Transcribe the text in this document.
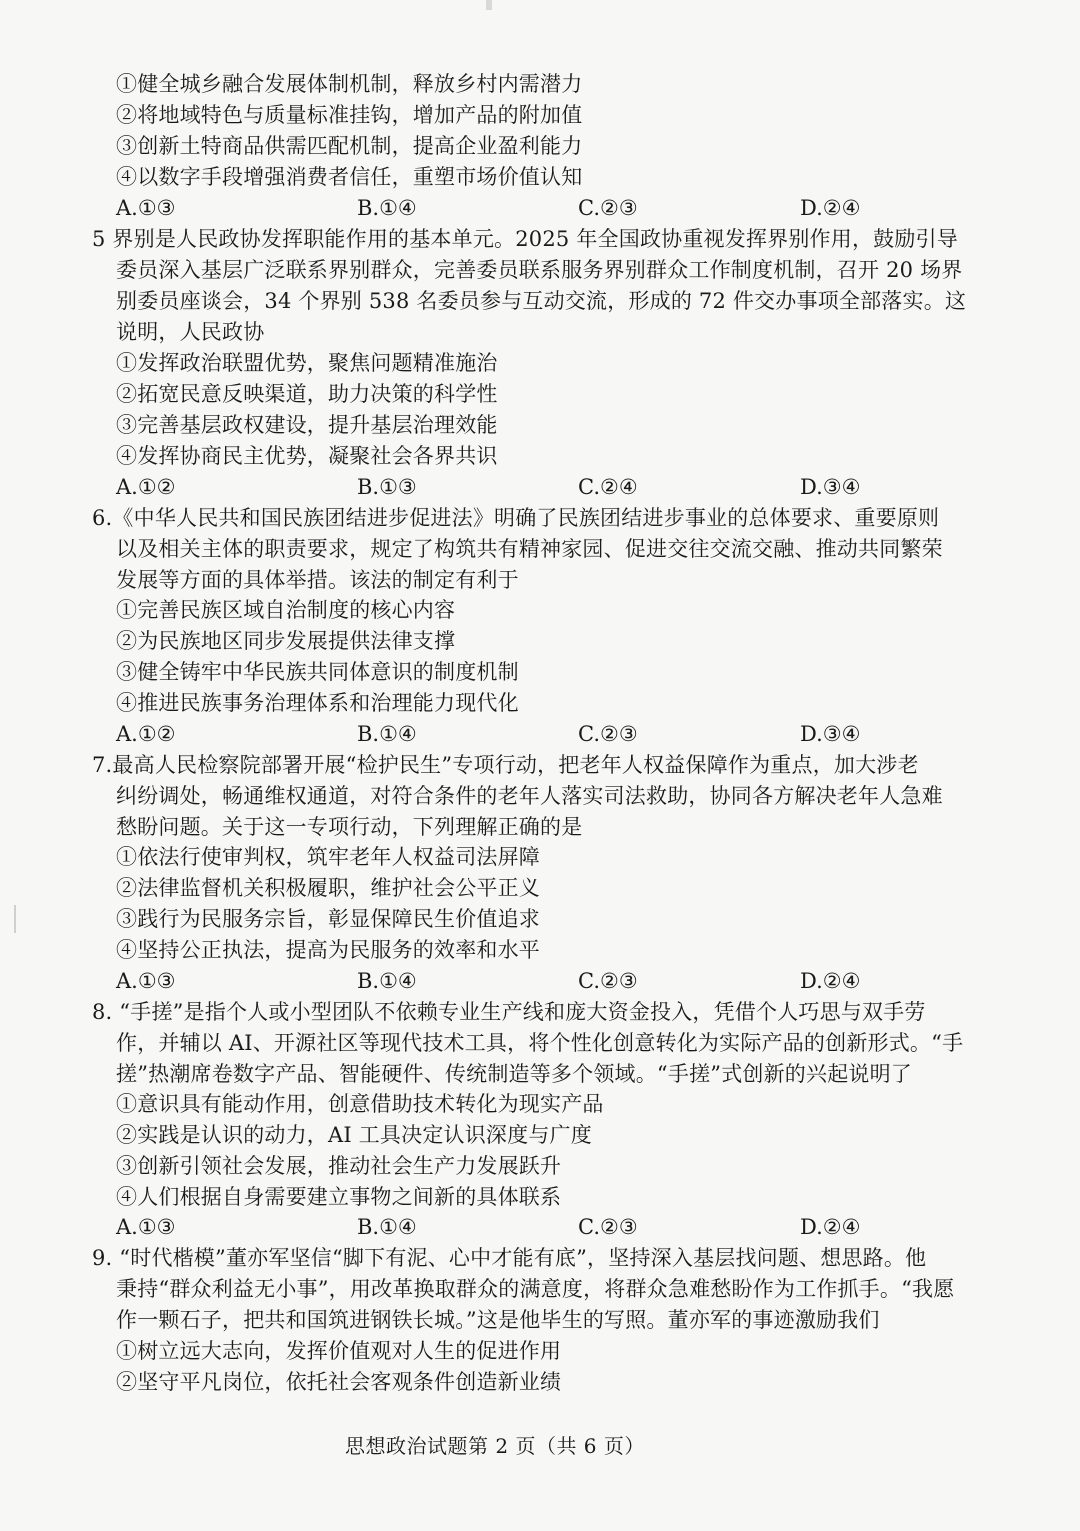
①健全城乡融合发展体制机制，释放乡村内需潜力
②将地域特色与质量标准挂钩，增加产品的附加值
③创新土特商品供需匹配机制，提高企业盈利能力
④以数字手段增强消费者信任，重塑市场价值认知
A.①③	B.①④	C.②③	D.②④
5 界别是人民政协发挥职能作用的基本单元。2025 年全国政协重视发挥界别作用，鼓励引导
委员深入基层广泛联系界别群众，完善委员联系服务界别群众工作制度机制，召开 20 场界
别委员座谈会，34 个界别 538 名委员参与互动交流，形成的 72 件交办事项全部落实。这
说明，人民政协
①发挥政治联盟优势，聚焦问题精准施治
②拓宽民意反映渠道，助力决策的科学性
③完善基层政权建设，提升基层治理效能
④发挥协商民主优势，凝聚社会各界共识
A.①②	B.①③	C.②④	D.③④
6.《中华人民共和国民族团结进步促进法》明确了民族团结进步事业的总体要求、重要原则
以及相关主体的职责要求，规定了构筑共有精神家园、促进交往交流交融、推动共同繁荣
发展等方面的具体举措。该法的制定有利于
①完善民族区域自治制度的核心内容
②为民族地区同步发展提供法律支撑
③健全铸牢中华民族共同体意识的制度机制
④推进民族事务治理体系和治理能力现代化
A.①②	B.①④	C.②③	D.③④
7.最高人民检察院部署开展“检护民生”专项行动，把老年人权益保障作为重点，加大涉老
纠纷调处，畅通维权通道，对符合条件的老年人落实司法救助，协同各方解决老年人急难
愁盼问题。关于这一专项行动，下列理解正确的是
①依法行使审判权，筑牢老年人权益司法屏障
②法律监督机关积极履职，维护社会公平正义
③践行为民服务宗旨，彰显保障民生价值追求
④坚持公正执法，提高为民服务的效率和水平
A.①③	B.①④	C.②③	D.②④
8. “手搓”是指个人或小型团队不依赖专业生产线和庞大资金投入，凭借个人巧思与双手劳
作，并辅以 AI、开源社区等现代技术工具，将个性化创意转化为实际产品的创新形式。“手
搓”热潮席卷数字产品、智能硬件、传统制造等多个领域。“手搓”式创新的兴起说明了
①意识具有能动作用，创意借助技术转化为现实产品
②实践是认识的动力，AI 工具决定认识深度与广度
③创新引领社会发展，推动社会生产力发展跃升
④人们根据自身需要建立事物之间新的具体联系
A.①③	B.①④	C.②③	D.②④
9. “时代楷模”董亦军坚信“脚下有泥、心中才能有底”，坚持深入基层找问题、想思路。他
秉持“群众利益无小事”，用改革换取群众的满意度，将群众急难愁盼作为工作抓手。“我愿
作一颗石子，把共和国筑进钢铁长城。”这是他毕生的写照。董亦军的事迹激励我们
①树立远大志向，发挥价值观对人生的促进作用
②坚守平凡岗位，依托社会客观条件创造新业绩
思想政治试题第 2 页（共 6 页）
